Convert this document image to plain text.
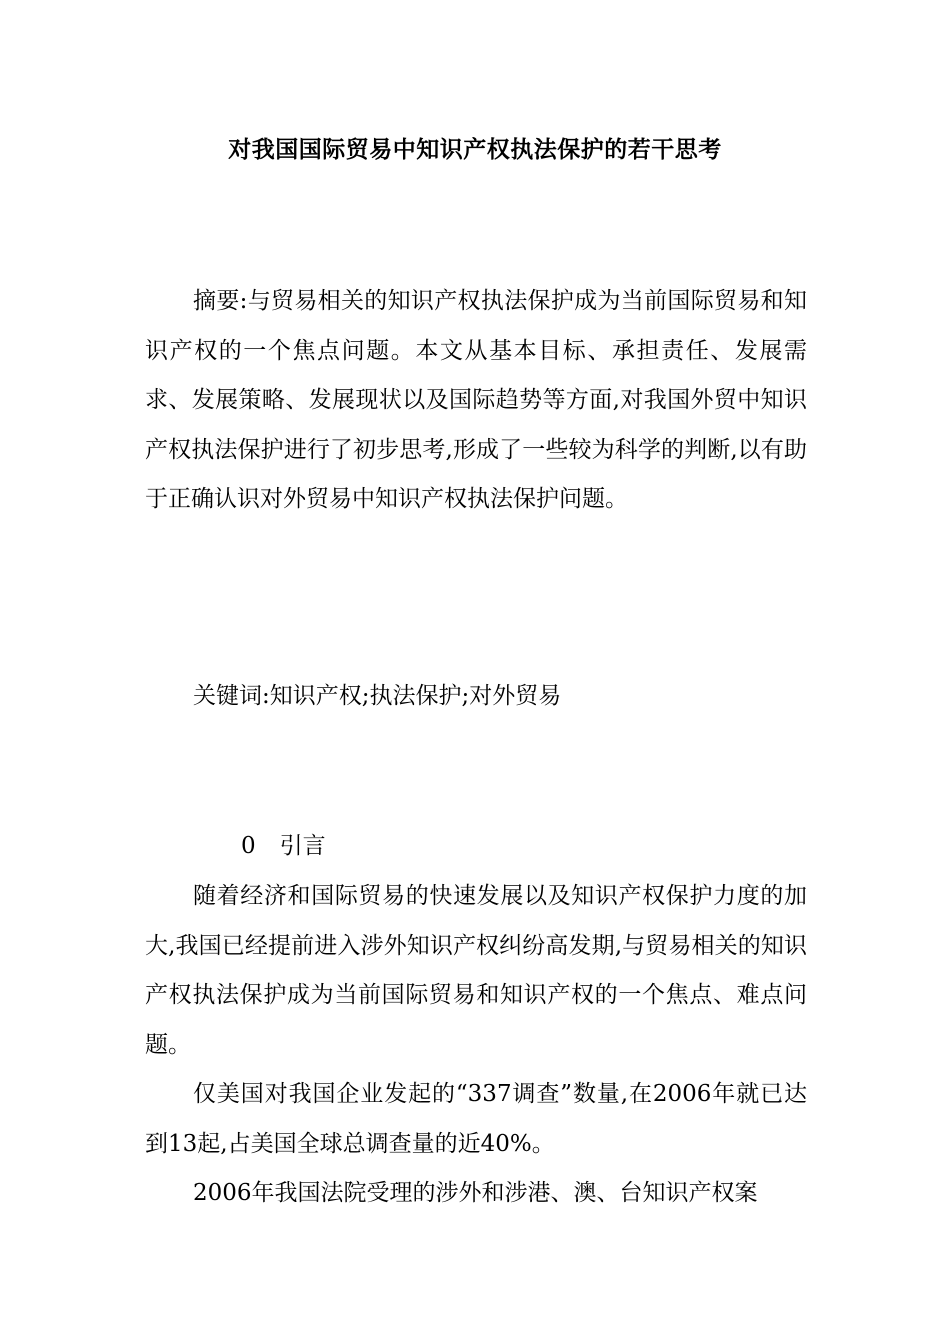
对我国国际贸易中知识产权执法保护的若干思考
摘要:与贸易相关的知识产权执法保护成为当前国际贸易和知识产权的一个焦点问题。本文从基本目标、承担责任、发展需求、发展策略、发展现状以及国际趋势等方面,对我国外贸中知识产权执法保护进行了初步思考,形成了一些较为科学的判断,以有助于正确认识对外贸易中知识产权执法保护问题。
关键词:知识产权;执法保护;对外贸易
0 引言

随着经济和国际贸易的快速发展以及知识产权保护力度的加大,我国已经提前进入涉外知识产权纠纷高发期,与贸易相关的知识产权执法保护成为当前国际贸易和知识产权的一个焦点、难点问题。

仅美国对我国企业发起的“337调查”数量,在2006年就已达到13起,占美国全球总调查量的近40%。

2006年我国法院受理的涉外和涉港、澳、台知识产权案
